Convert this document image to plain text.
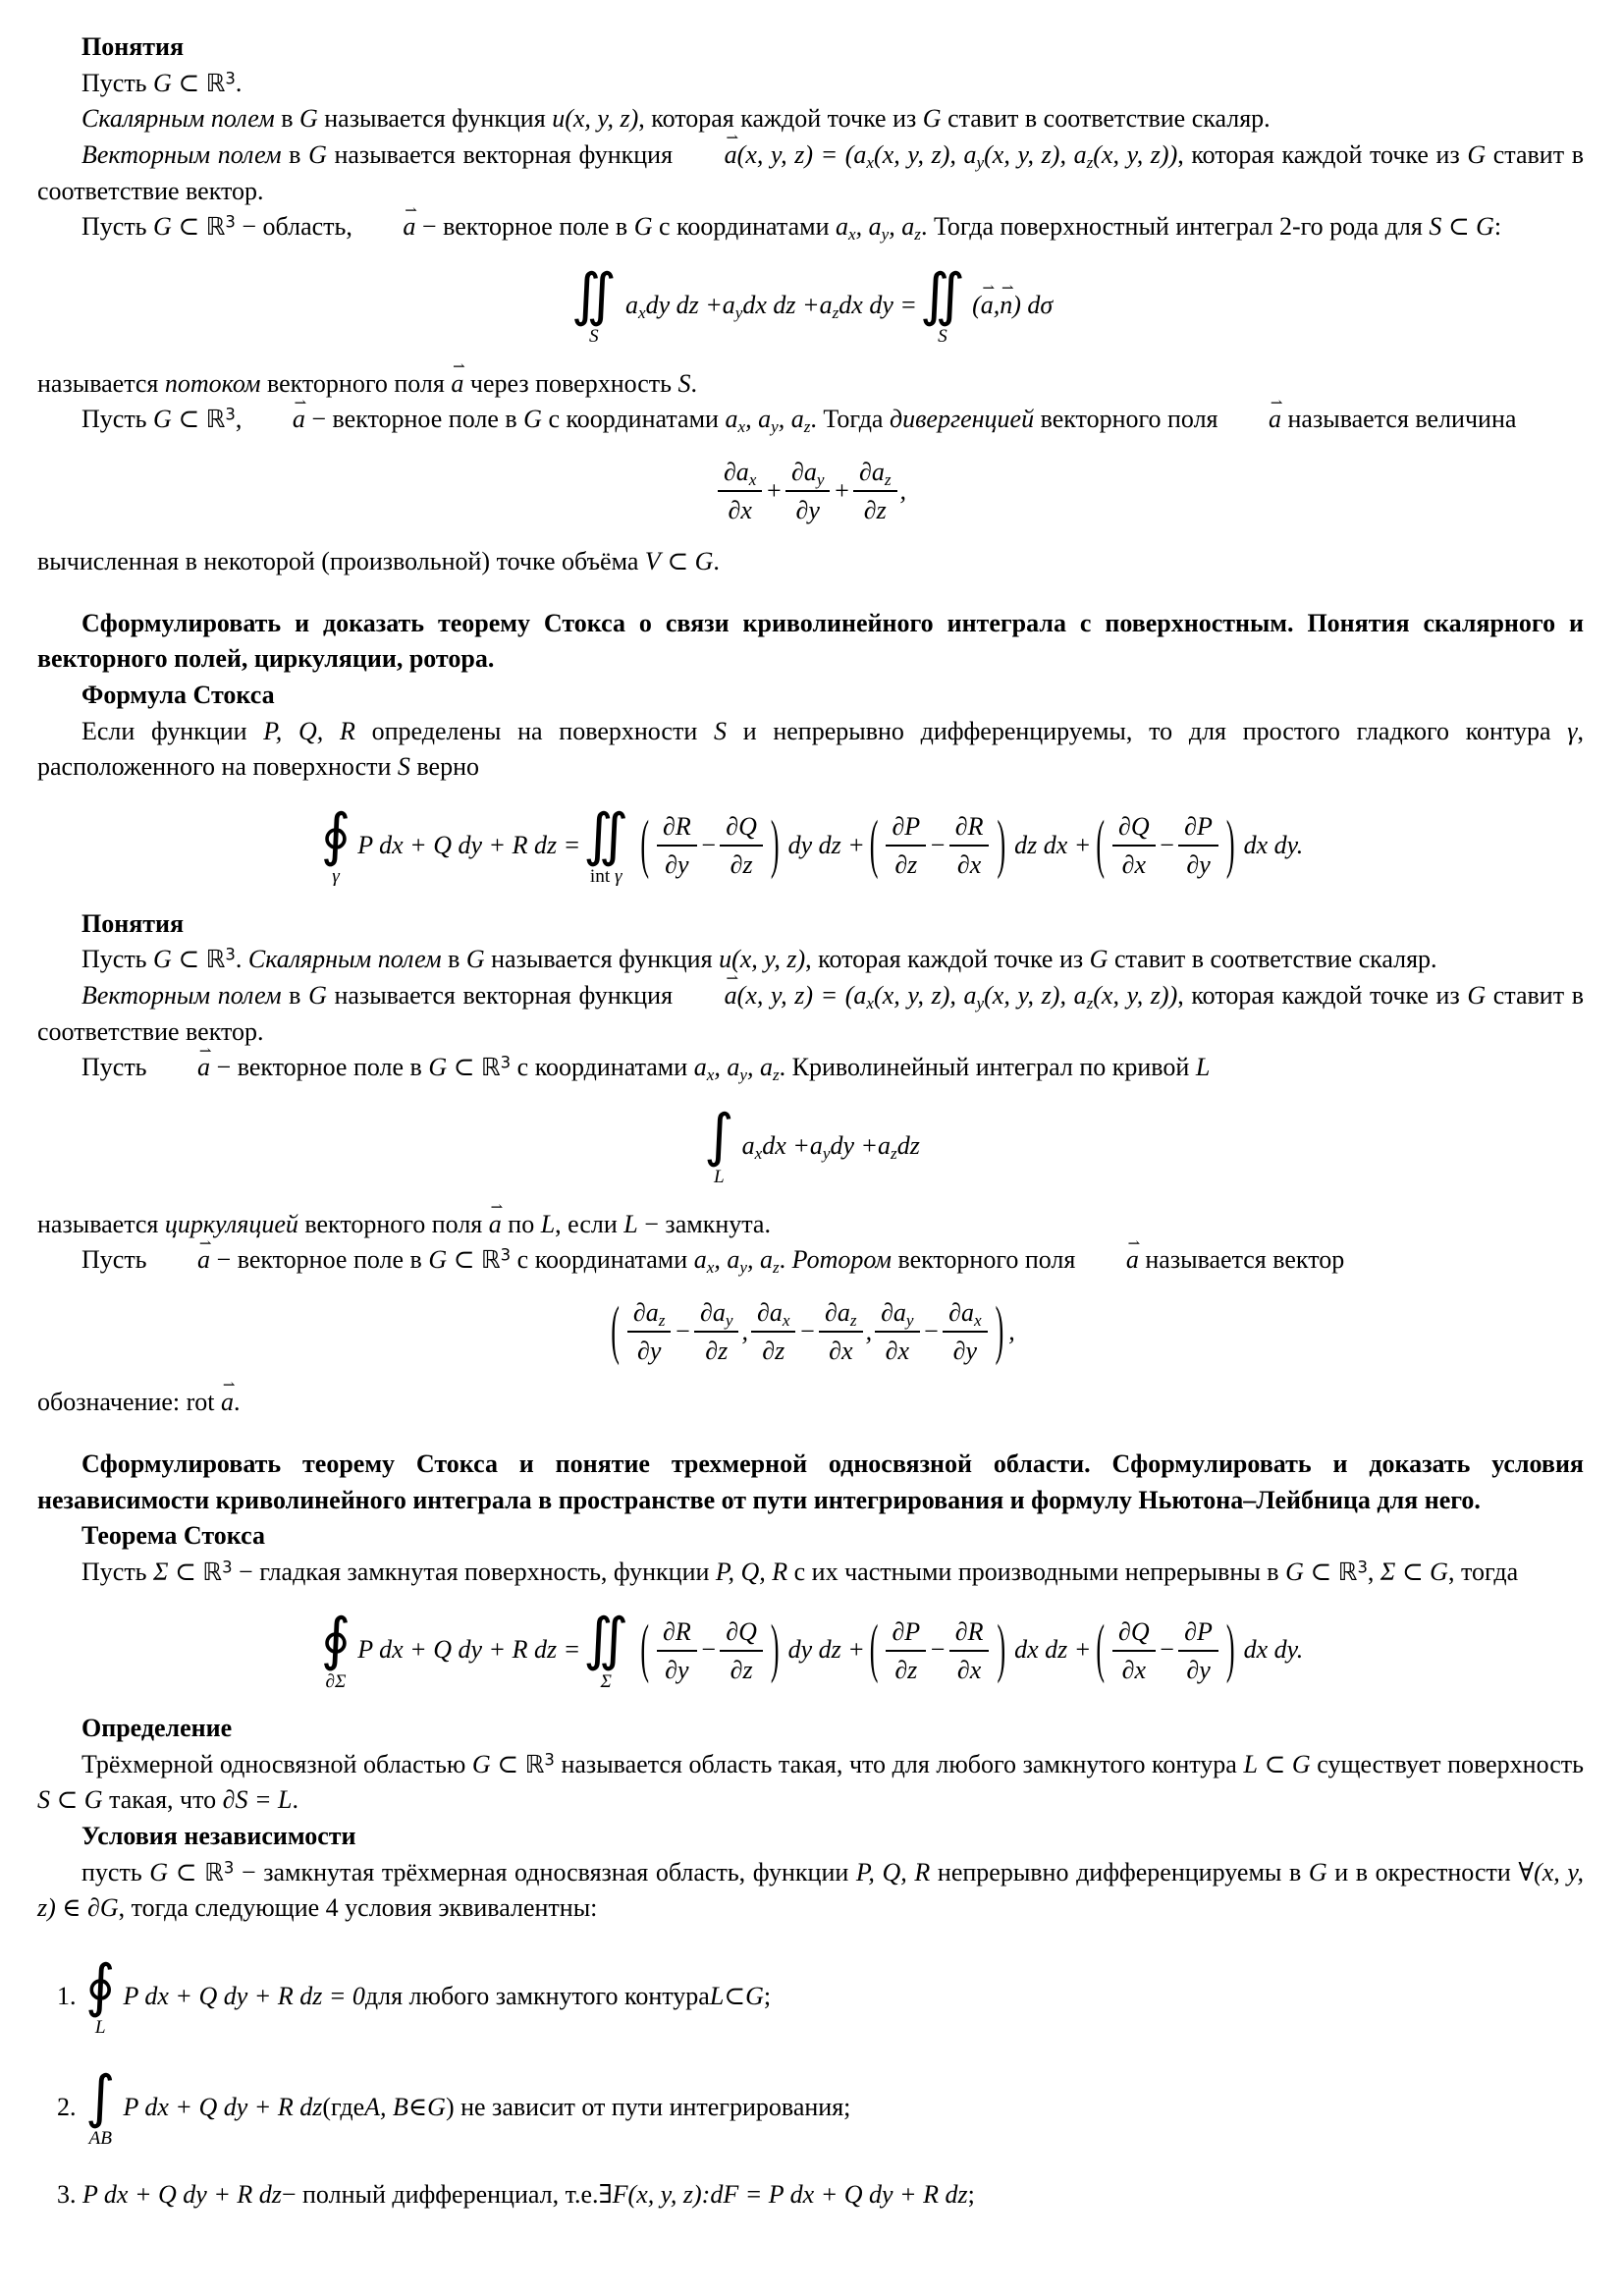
Понятия

Пусть G ⊂ ℝ$^3$.

Скалярным полем в G называется функция u(x, y, z), которая каждой точке из G ставит в соответствие скаляр.

Векторным полем в G называется векторная функция a ⇀(x, y, $z) = (a_x(x$, y, z), $a_y(x$, y, z), $a_z(x$, y, z)), которая каждой точке из G ставит в соответствие вектор.

Пусть G ⊂ ℝ$^3$ − область, a ⇀ − векторное поле в G с координатами $a_x$, $a_y$, $a_z$. Тогда поверхностный интеграл 2-го рода для S ⊂ G:

∬
S
$a_x$ dy dz + $a_y$ dx dz + $a_z$ dx dy = ∬
S
( a ⇀ , n ⇀ ) dσ

называется потоком векторного поля a ⇀ через поверхность S.

Пусть G ⊂ ℝ$^3$, a ⇀ − векторное поле в G с координатами $a_x$, $a_y$, $a_z$. Тогда дивергенцией векторного поля a ⇀ называется величина

$\frac{\partial a_x}{\partial x} + \frac{\partial a_y}{\partial y} + \frac{\partial a_z}{\partial z}$ ,

вычисленная в некоторой (произвольной) точке объёма V ⊂ G.

Сформулировать и доказать теорему Стокса о связи криволинейного интеграла с поверхностным. Понятия скалярного и векторного полей, циркуляции, ротора.

Формула Стокса

Если функции P, Q, R определены на поверхности S и непрерывно дифференцируемы, то для простого гладкого контура γ, расположенного на поверхности S верно

∮
γ
P dx + Q dy + R dz = ∬
int γ ( $\frac{\partial R}{\partial y} - \frac{\partial Q}{\partial z}$ ) dy dz + ( $\frac{\partial P}{\partial z} - \frac{\partial R}{\partial x}$ ) dz dx + ( $\frac{\partial Q}{\partial x} - \frac{\partial P}{\partial y}$ ) dx dy.

Понятия

Пусть G ⊂ ℝ$^3$. Скалярным полем в G называется функция u(x, y, z), которая каждой точке из G ставит в соответствие скаляр.

Векторным полем в G называется векторная функция a ⇀(x, y, $z) = (a_x(x$, y, z), $a_y(x$, y, z), $a_z(x$, y, z)), которая каждой точке из G ставит в соответствие вектор.

Пусть a ⇀ − векторное поле в G ⊂ ℝ$^3$ с координатами $a_x$, $a_y$, $a_z$. Криволинейный интеграл по кривой L

∫
L
$a_x$ dx + $a_y$ dy + $a_z$ dz

называется циркуляцией векторного поля a ⇀ по L, если L − замкнута.

Пусть a ⇀ − векторное поле в G ⊂ ℝ$^3$ с координатами $a_x$, $a_y$, $a_z$. Ротором векторного поля a ⇀ называется вектор

( $\frac{\partial a_z}{\partial y} - \frac{\partial a_y}{\partial z}$ , $\frac{\partial a_x}{\partial z} - \frac{\partial a_z}{\partial x}$ , $\frac{\partial a_y}{\partial x} - \frac{\partial a_x}{\partial y}$ ) ,

обозначение: rot a ⇀.

Сформулировать теорему Стокса и понятие трехмерной односвязной области. Сформулировать и доказать условия независимости криволинейного интеграла в пространстве от пути интегрирования и формулу Ньютона–Лейбница для него.

Теорема Стокса

Пусть Σ ⊂ ℝ$^3$ − гладкая замкнутая поверхность, функции P, Q, R с их частными производными непрерывны в G ⊂ ℝ$^3$, Σ ⊂ G, тогда

∮
∂Σ
P dx + Q dy + R dz = ∬
Σ ( $\frac{\partial R}{\partial y} - \frac{\partial Q}{\partial z}$ ) dy dz + ( $\frac{\partial P}{\partial z} - \frac{\partial R}{\partial x}$ ) dx dz + ( $\frac{\partial Q}{\partial x} - \frac{\partial P}{\partial y}$ ) dx dy.

Определение

Трёхмерной односвязной областью G ⊂ ℝ$^3$ называется область такая, что для любого замкнутого контура L ⊂ G существует поверхность S ⊂ G такая, что ∂S = L.

Условия независимости

пусть G ⊂ ℝ$^3$ − замкнутая трёхмерная односвязная область, функции P, Q, R непрерывно дифференцируемы в G и в окрестности ∀(x, y, z) ∈ ∂G, тогда следующие 4 условия эквивалентны:

1. ∮
L
P dx + Q dy + R dz = 0 для любого замкнутого контура L ⊂ G ;
2. ∫
AB
P dx + Q dy + R dz (где A, B ∈ G ) не зависит от пути интегрирования;
3. P dx + Q dy + R dz − полный дифференциал, т.е. ∃ F(x, y, z) : dF = P dx + Q dy + R dz ;
